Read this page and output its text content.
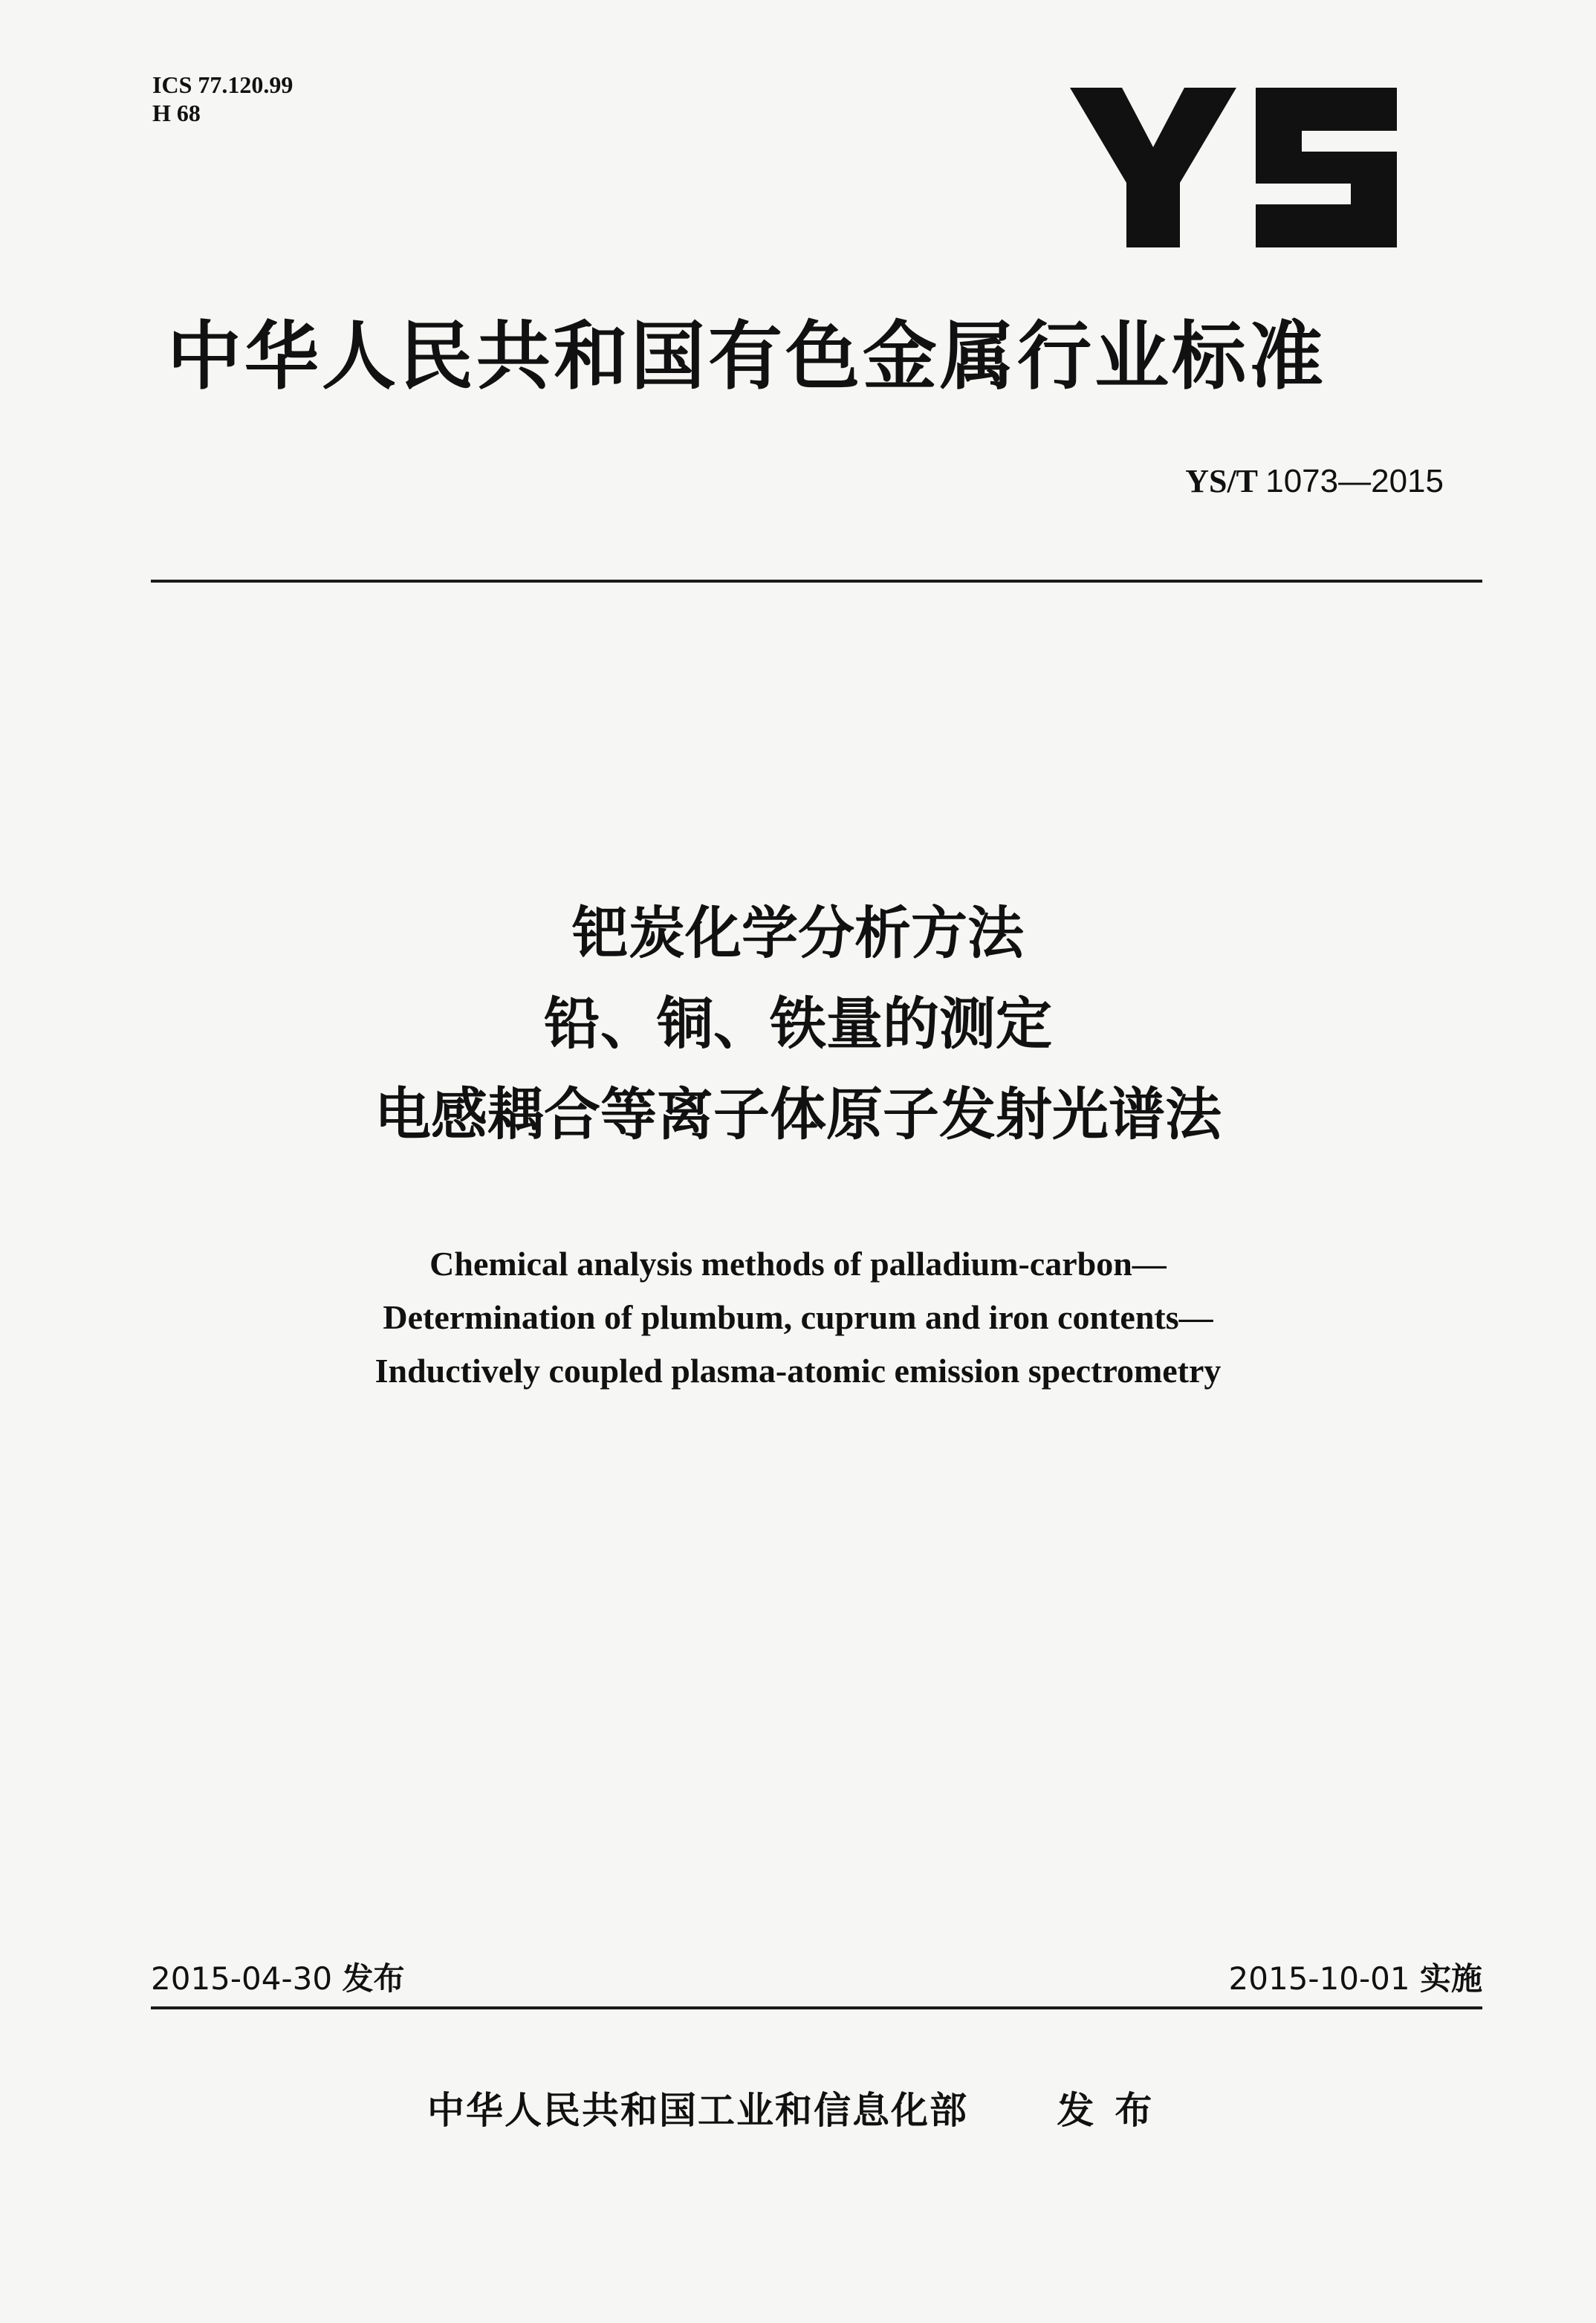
ICS 77.120.99
H 68
中华人民共和国有色金属行业标准
YS/T 1073—2015
钯炭化学分析方法
铅、铜、铁量的测定
电感耦合等离子体原子发射光谱法
Chemical analysis methods of palladium-carbon—
Determination of plumbum, cuprum and iron contents—
Inductively coupled plasma-atomic emission spectrometry
2015-04-30 发布	2015-10-01 实施
中华人民共和国工业和信息化部 发布
